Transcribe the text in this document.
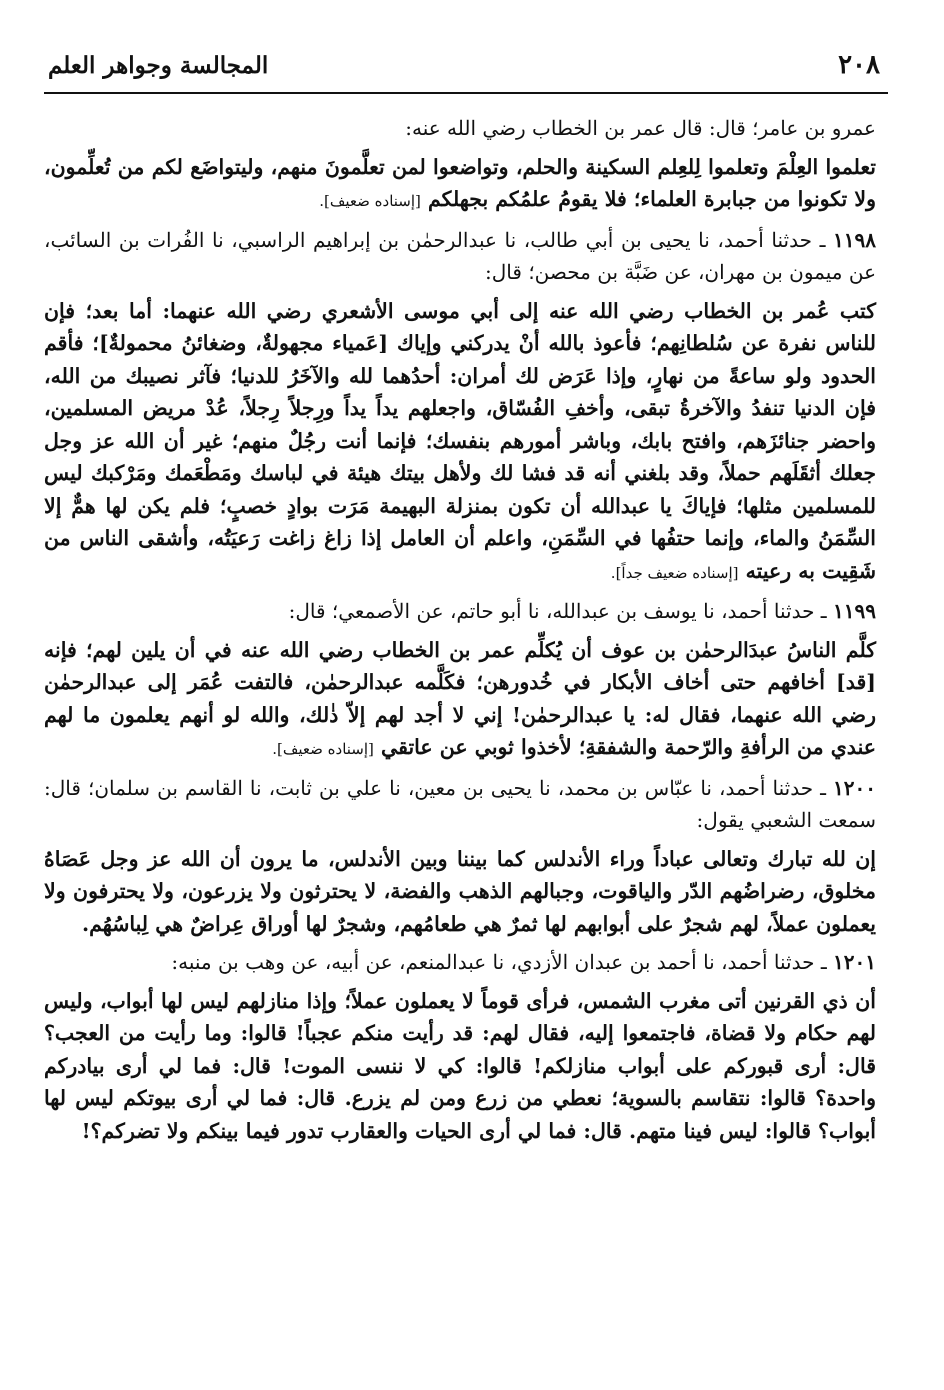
٢٠٨
المجالسة وجواهر العلم

عمرو بن عامر؛ قال: قال عمر بن الخطاب رضي الله عنه:

تعلموا العِلْمَ وتعلموا لِلعِلم السكينة والحلم، وتواضعوا لمن تعلَّمونَ منهم، وليتواضَع لكم من تُعلِّمون، ولا تكونوا من جبابرة العلماء؛ فلا يقومُ علمُكم بجهلكم [إسناده ضعيف].

١١٩٨ ـ حدثنا أحمد، نا يحيى بن أبي طالب، نا عبدالرحمٰن بن إبراهيم الراسبي، نا الفُرات بن السائب، عن ميمون بن مهران، عن ضَبَّة بن محصن؛ قال:

كتب عُمر بن الخطاب رضي الله عنه إلى أبي موسى الأشعري رضي الله عنهما: أما بعد؛ فإن للناس نفرة عن سُلطانِهم؛ فأعوذ بالله أنْ يدركني وإياك [عَمياء مجهولةٌ، وضغائنُ محمولةٌ]؛ فأقم الحدود ولو ساعةً من نهارٍ، وإذا عَرَض لك أمران: أحدُهما لله والآخَرُ للدنيا؛ فآثر نصيبك من الله، فإن الدنيا تنفدُ والآخرةُ تبقى، وأخفِ الفُسّاق، واجعلهم يداً يداً ورِجلاً رِجلاً، عُدْ مريض المسلمين، واحضر جنائزَهم، وافتح بابك، وباشر أمورهم بنفسك؛ فإنما أنت رجُلٌ منهم؛ غير أن الله عز وجل جعلك أثقَلَهم حملاً، وقد بلغني أنه قد فشا لك ولأهل بيتك هيئة في لباسك ومَطْعَمك ومَرْكبك ليس للمسلمين مثلها؛ فإياكَ يا عبدالله أن تكون بمنزلة البهيمة مَرَت بوادٍ خصبٍ؛ فلم يكن لها همٌّ إلا السِّمَنُ والماء، وإنما حتفُها في السِّمَنِ، واعلم أن العامل إذا زاغ زاغت رَعيَتُه، وأشقى الناس من شَقِيت به رعيته [إسناده ضعيف جداً].

١١٩٩ ـ حدثنا أحمد، نا يوسف بن عبدالله، نا أبو حاتم، عن الأصمعي؛ قال:

كلَّم الناسُ عبدَالرحمٰن بن عوف أن يُكلِّم عمر بن الخطاب رضي الله عنه في أن يلين لهم؛ فإنه [قد] أخافهم حتى أخاف الأبكار في خُدورهن؛ فكَلَّمه عبدالرحمٰن، فالتفت عُمَر إلى عبدالرحمٰن رضي الله عنهما، فقال له: يا عبدالرحمٰن! إني لا أجد لهم إلاّ ذٰلك، والله لو أنهم يعلمون ما لهم عندي من الرأفةِ والرّحمة والشفقةِ؛ لأخذوا ثوبي عن عاتقي [إسناده ضعيف].

١٢٠٠ ـ حدثنا أحمد، نا عبّاس بن محمد، نا يحيى بن معين، نا علي بن ثابت، نا القاسم بن سلمان؛ قال: سمعت الشعبي يقول:

إن لله تبارك وتعالى عباداً وراء الأندلس كما بيننا وبين الأندلس، ما يرون أن الله عز وجل عَصَاهُ مخلوق، رضراضُهم الدّر والياقوت، وجبالهم الذهب والفضة، لا يحترثون ولا يزرعون، ولا يحترفون ولا يعملون عملاً، لهم شجرٌ على أبوابهم لها ثمرٌ هي طعامُهم، وشجرٌ لها أوراق عِراضٌ هي لِباسُهُم.

١٢٠١ ـ حدثنا أحمد، نا أحمد بن عبدان الأزدي، نا عبدالمنعم، عن أبيه، عن وهب بن منبه:

أن ذي القرنين أتى مغرب الشمس، فرأى قوماً لا يعملون عملاً؛ وإذا منازلهم ليس لها أبواب، وليس لهم حكام ولا قضاة، فاجتمعوا إليه، فقال لهم: قد رأيت منكم عجباً! قالوا: وما رأيت من العجب؟ قال: أرى قبوركم على أبواب منازلكم! قالوا: كي لا ننسى الموت! قال: فما لي أرى بيادركم واحدة؟ قالوا: نتقاسم بالسوية؛ نعطي من زرع ومن لم يزرع. قال: فما لي أرى بيوتكم ليس لها أبواب؟ قالوا: ليس فينا متهم. قال: فما لي أرى الحيات والعقارب تدور فيما بينكم ولا تضركم؟!
